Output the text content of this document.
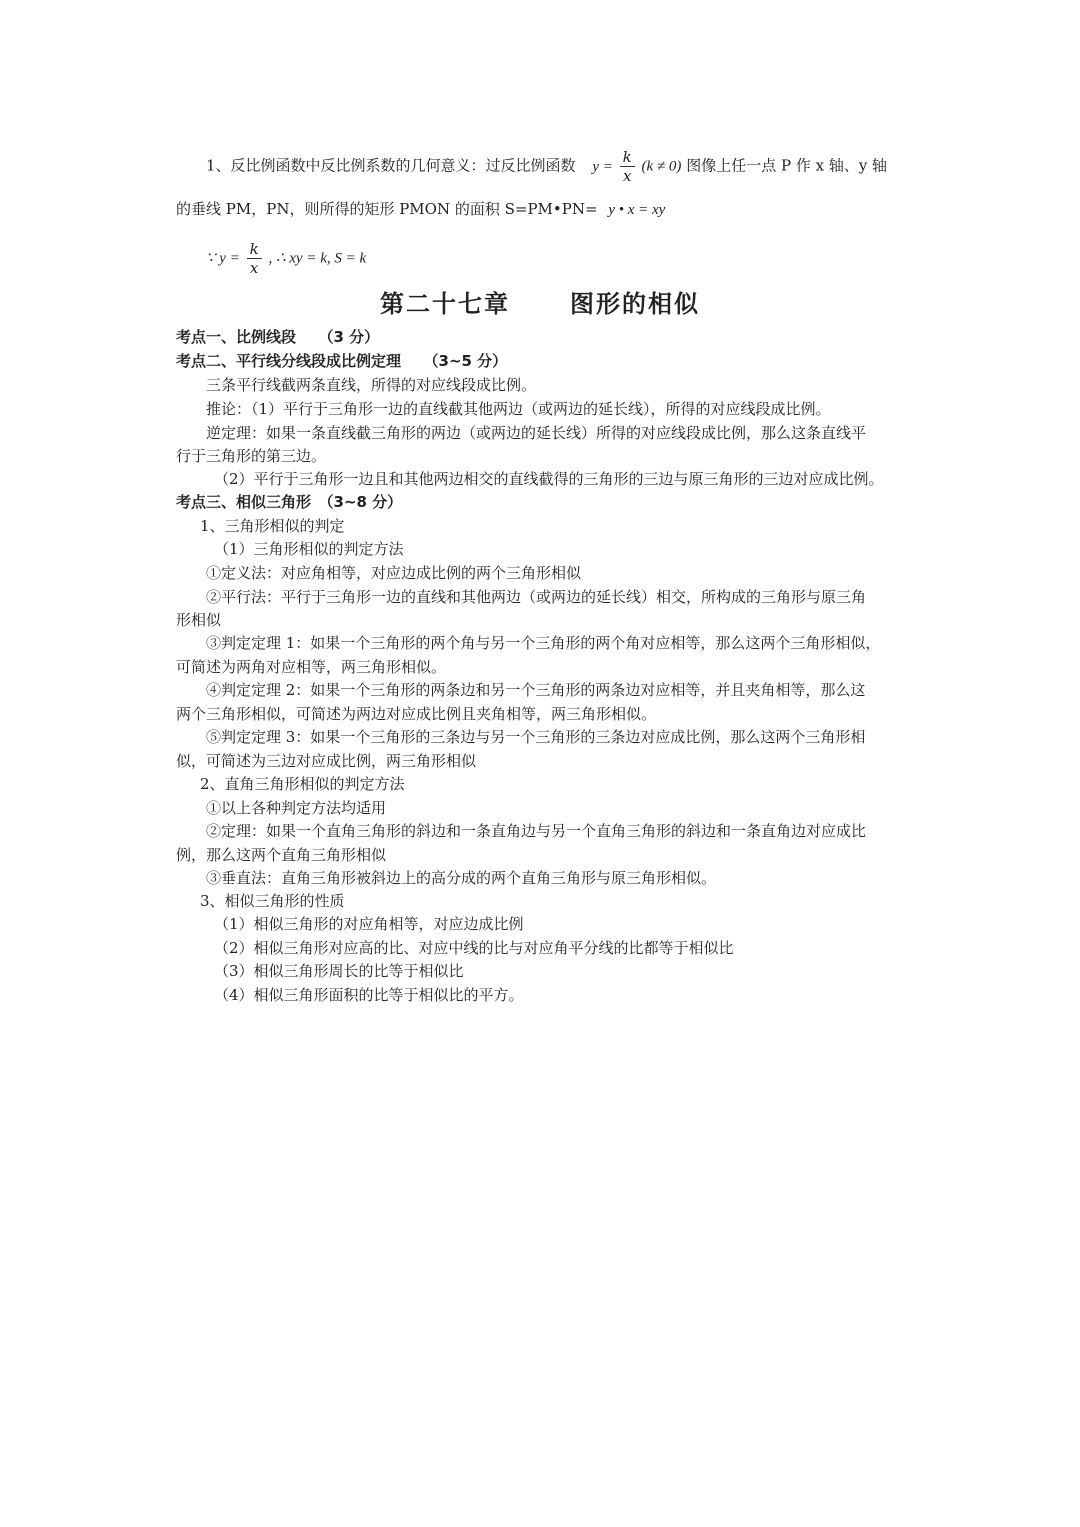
1、反比例函数中反比例系数的几何意义：过反比例函数 $y = \frac{k}{x} (k \ne 0)$ 图像上任一点 P 作 x 轴、y 轴
的垂线 PM，PN，则所得的矩形 PMON 的面积 S=PM•PN= y • x = xy
∵ $y = \frac{k}{x}$ , ∴ xy = k, S = k
第二十七章	图形的相似
考点一、比例线段　　（3 分）
考点二、平行线分线段成比例定理　　（3~5 分）
三条平行线截两条直线，所得的对应线段成比例。
推论：（1）平行于三角形一边的直线截其他两边（或两边的延长线），所得的对应线段成比例。
逆定理：如果一条直线截三角形的两边（或两边的延长线）所得的对应线段成比例，那么这条直线平
行于三角形的第三边。
（2）平行于三角形一边且和其他两边相交的直线截得的三角形的三边与原三角形的三边对应成比例。
考点三、相似三角形　（3~8 分）
1、三角形相似的判定
（1）三角形相似的判定方法
①定义法：对应角相等，对应边成比例的两个三角形相似
②平行法：平行于三角形一边的直线和其他两边（或两边的延长线）相交，所构成的三角形与原三角
形相似
③判定定理 1：如果一个三角形的两个角与另一个三角形的两个角对应相等，那么这两个三角形相似，
可简述为两角对应相等，两三角形相似。
④判定定理 2：如果一个三角形的两条边和另一个三角形的两条边对应相等，并且夹角相等，那么这
两个三角形相似，可简述为两边对应成比例且夹角相等，两三角形相似。
⑤判定定理 3：如果一个三角形的三条边与另一个三角形的三条边对应成比例，那么这两个三角形相
似，可简述为三边对应成比例，两三角形相似
2、直角三角形相似的判定方法
①以上各种判定方法均适用
②定理：如果一个直角三角形的斜边和一条直角边与另一个直角三角形的斜边和一条直角边对应成比
例，那么这两个直角三角形相似
③垂直法：直角三角形被斜边上的高分成的两个直角三角形与原三角形相似。
3、相似三角形的性质
（1）相似三角形的对应角相等，对应边成比例
（2）相似三角形对应高的比、对应中线的比与对应角平分线的比都等于相似比
（3）相似三角形周长的比等于相似比
（4）相似三角形面积的比等于相似比的平方。
